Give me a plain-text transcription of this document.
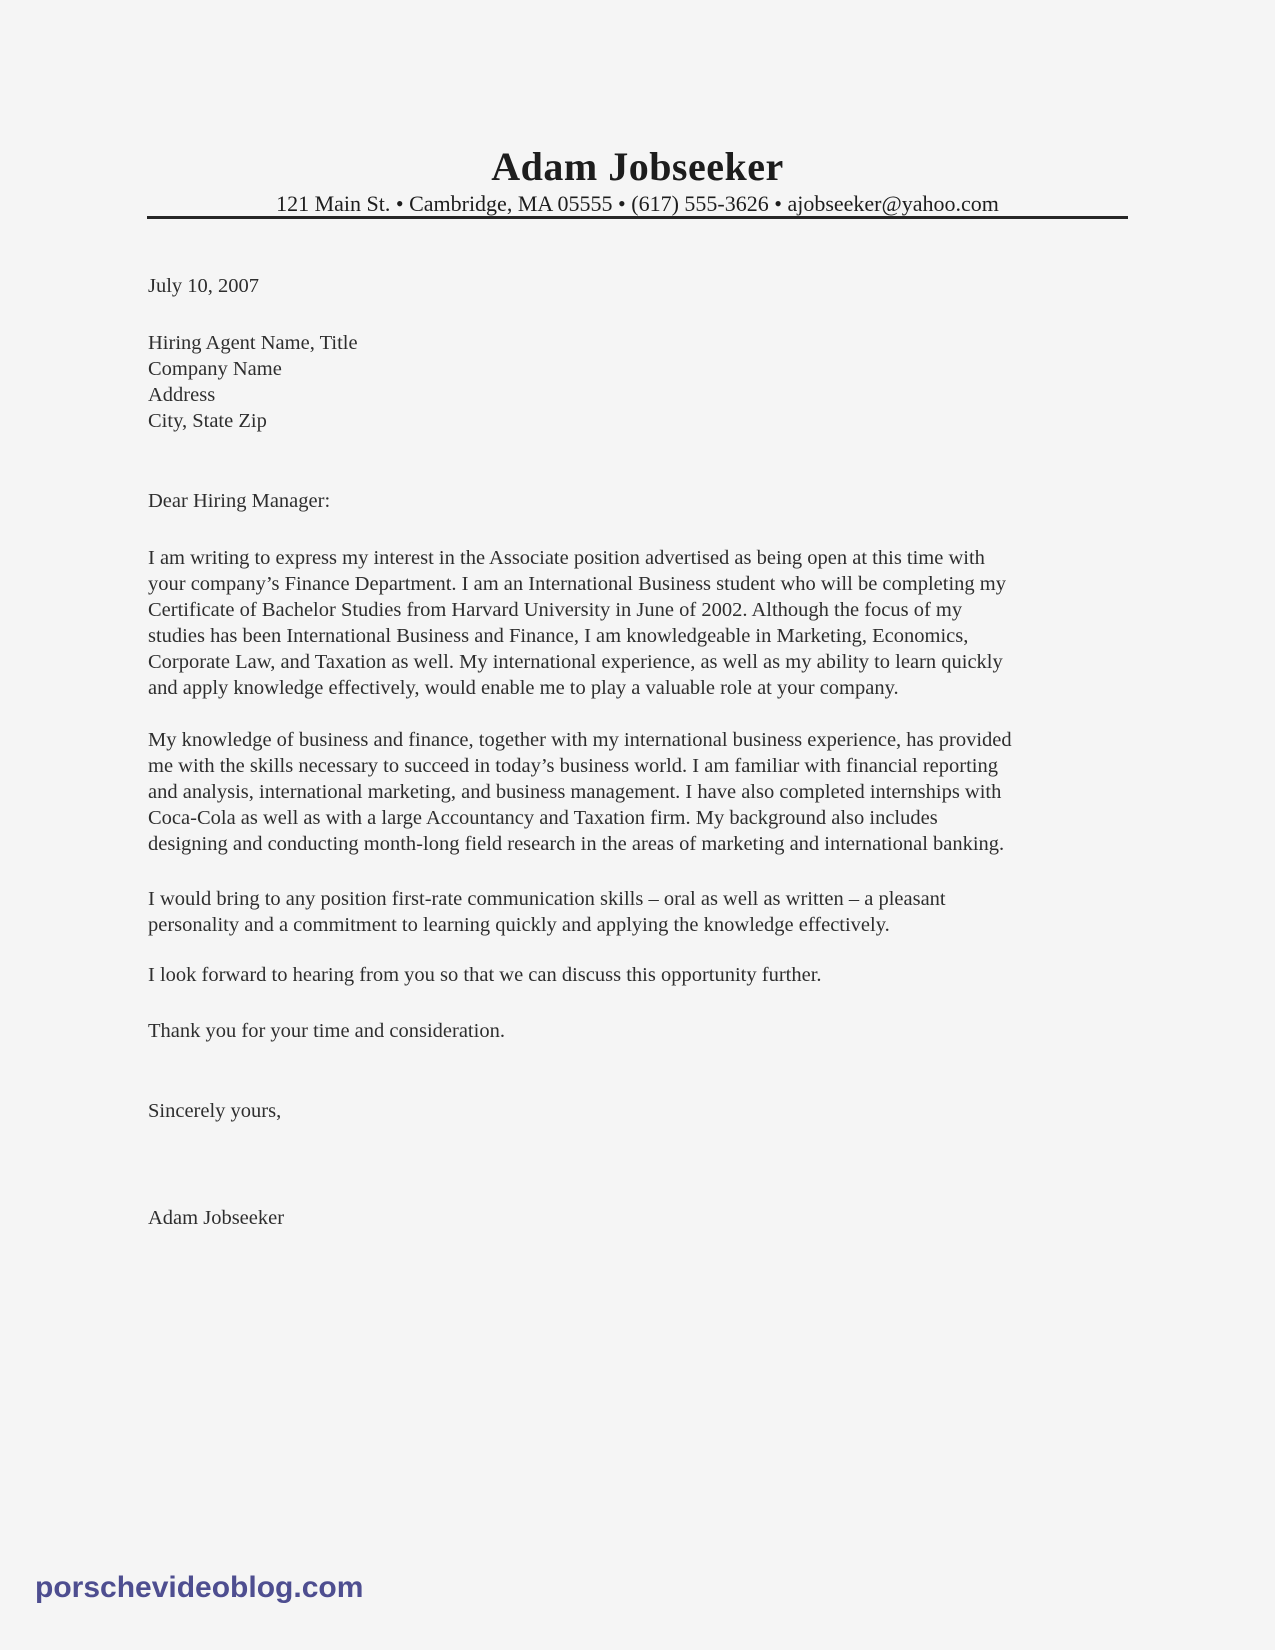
Adam Jobseeker
121 Main St. • Cambridge, MA 05555 • (617) 555-3626 • ajobseeker@yahoo.com
July 10, 2007
Hiring Agent Name, Title
Company Name
Address
City, State Zip
Dear Hiring Manager:
I am writing to express my interest in the Associate position advertised as being open at this time with
your company’s Finance Department. I am an International Business student who will be completing my
Certificate of Bachelor Studies from Harvard University in June of 2002. Although the focus of my
studies has been International Business and Finance, I am knowledgeable in Marketing, Economics,
Corporate Law, and Taxation as well. My international experience, as well as my ability to learn quickly
and apply knowledge effectively, would enable me to play a valuable role at your company.
My knowledge of business and finance, together with my international business experience, has provided
me with the skills necessary to succeed in today’s business world. I am familiar with financial reporting
and analysis, international marketing, and business management. I have also completed internships with
Coca-Cola as well as with a large Accountancy and Taxation firm. My background also includes
designing and conducting month-long field research in the areas of marketing and international banking.
I would bring to any position first-rate communication skills – oral as well as written – a pleasant
personality and a commitment to learning quickly and applying the knowledge effectively.
I look forward to hearing from you so that we can discuss this opportunity further.
Thank you for your time and consideration.
Sincerely yours,
Adam Jobseeker
porschevideoblog.com
